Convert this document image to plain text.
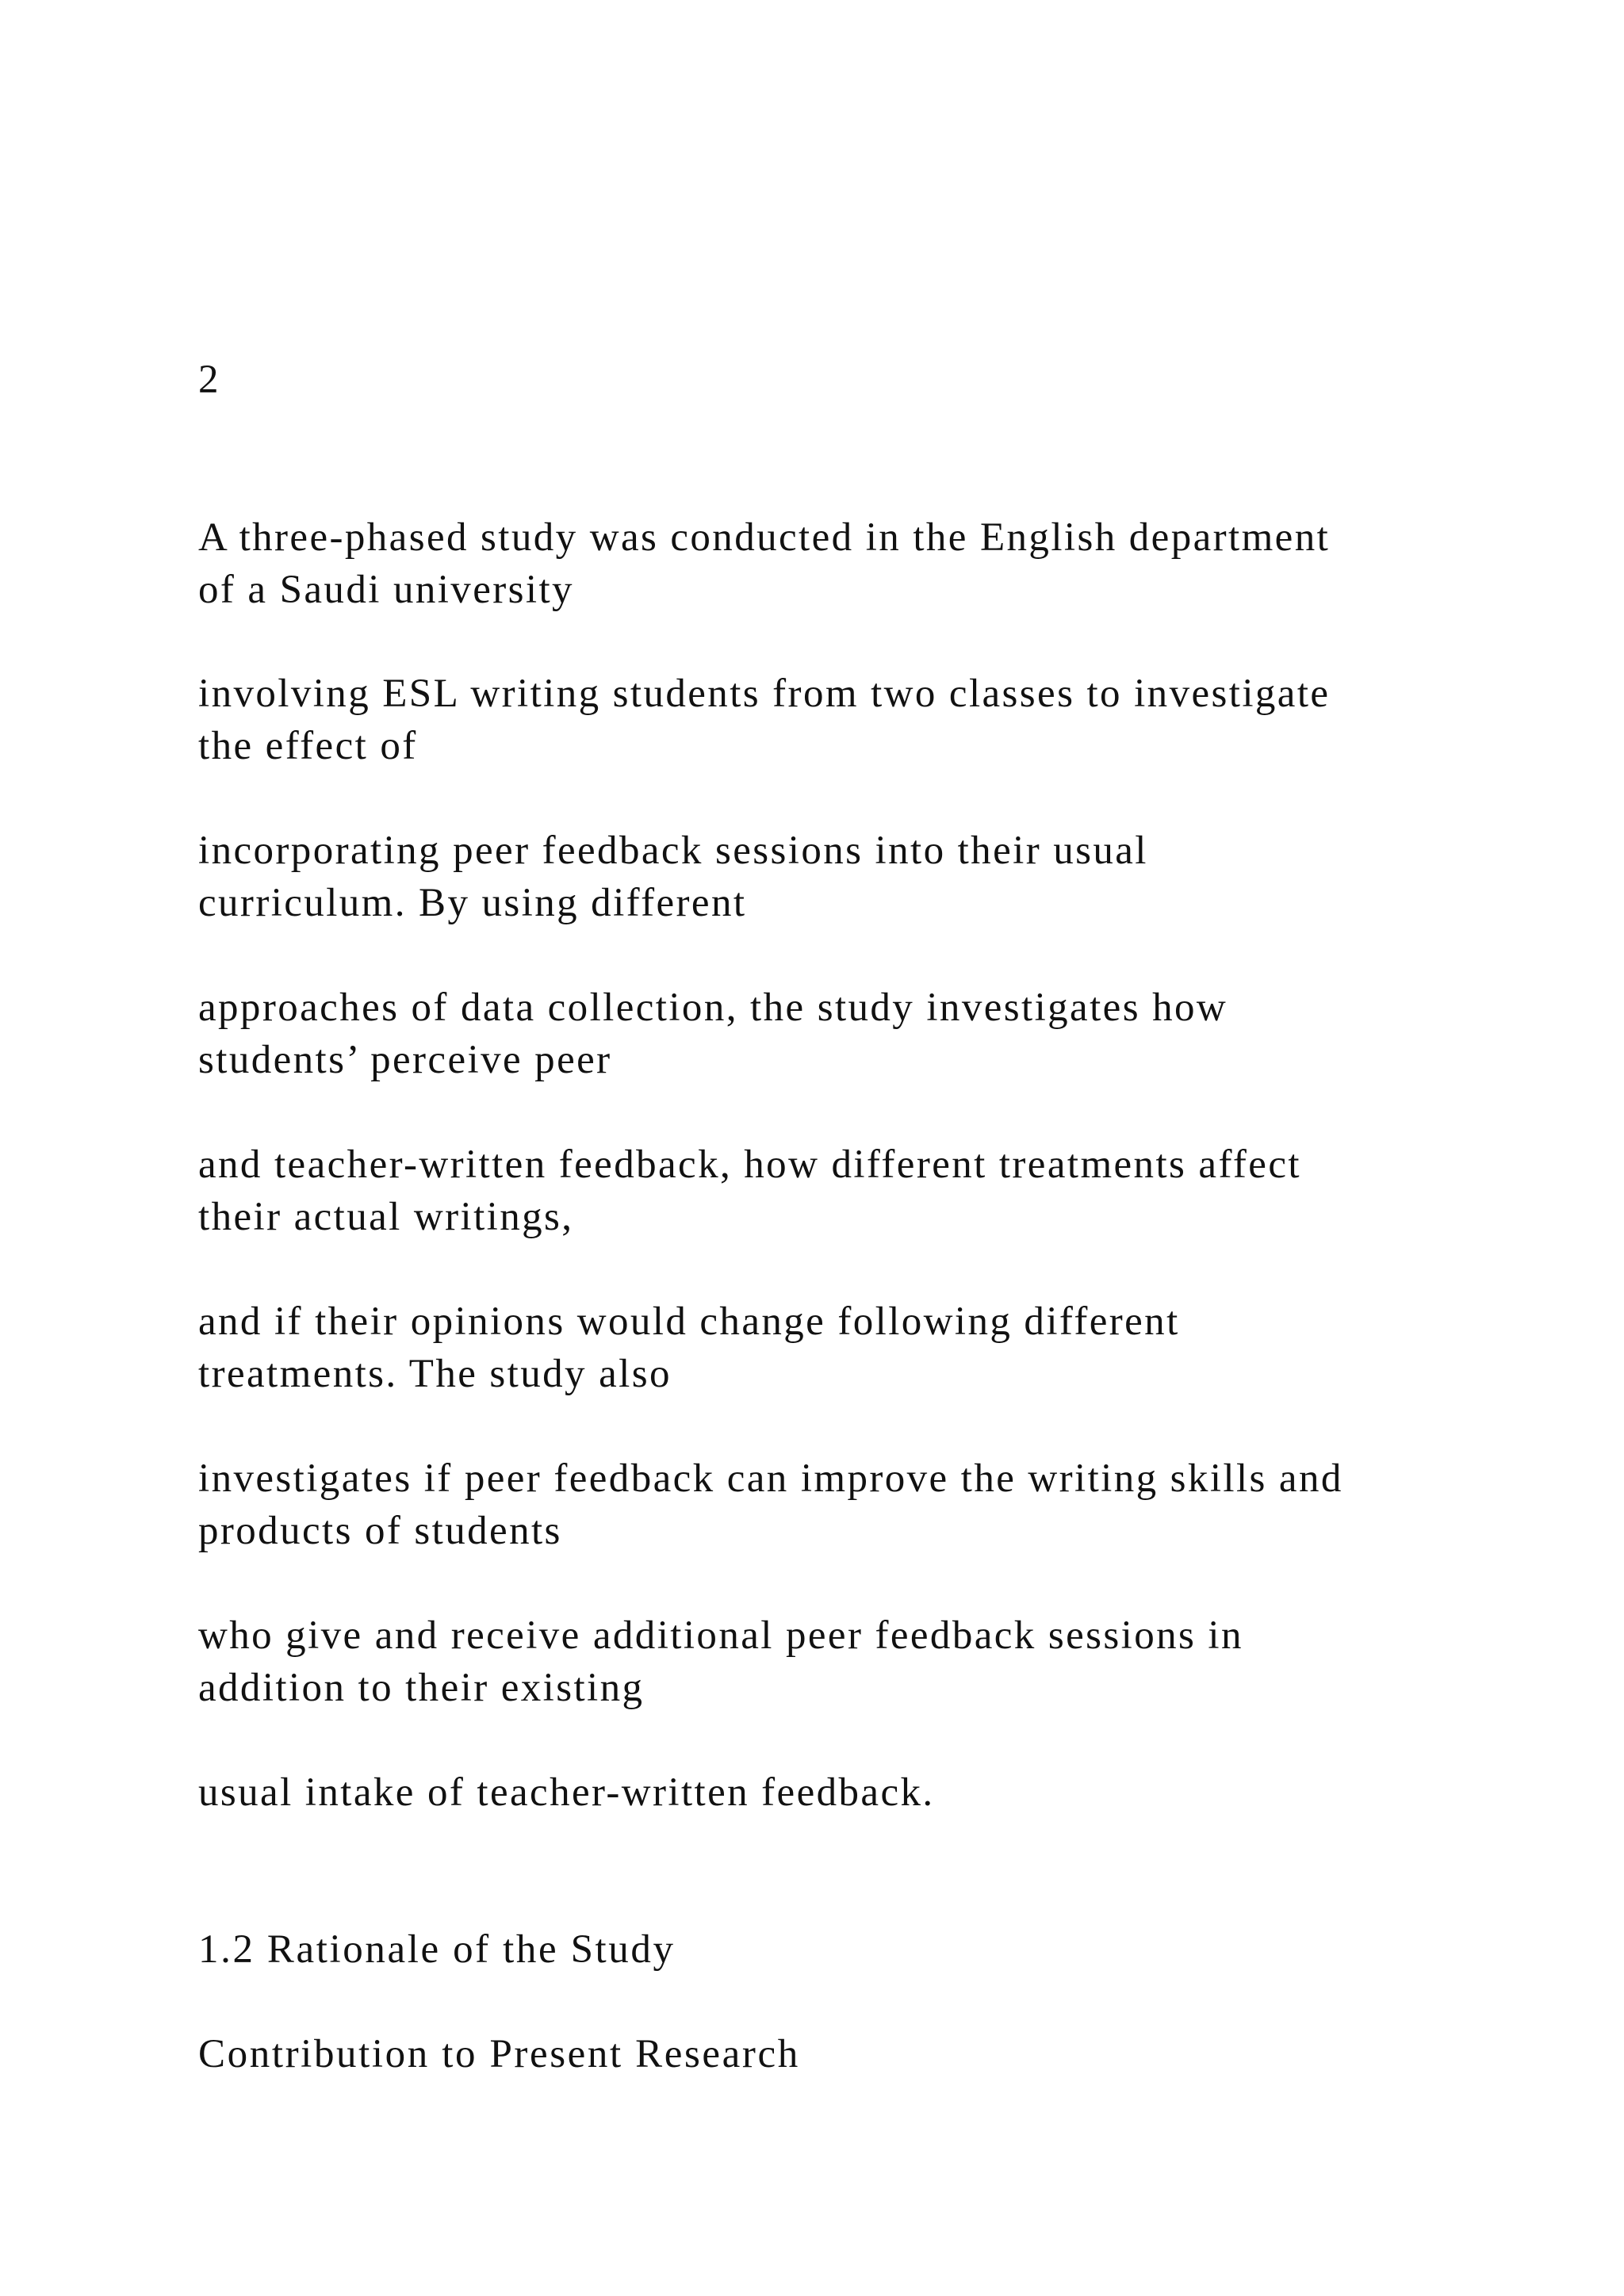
2

A three-phased study was conducted in the English department

of a Saudi university

involving ESL writing students from two classes to investigate

the effect of

incorporating peer feedback sessions into their usual

curriculum. By using different

approaches of data collection, the study investigates how

students’ perceive peer

and teacher-written feedback, how different treatments affect

their actual writings,

and if their opinions would change following different

treatments. The study also

investigates if peer feedback can improve the writing skills and

products of students

who give and receive additional peer feedback sessions in

addition to their existing

usual intake of teacher-written feedback.

1.2 Rationale of the Study

Contribution to Present Research
